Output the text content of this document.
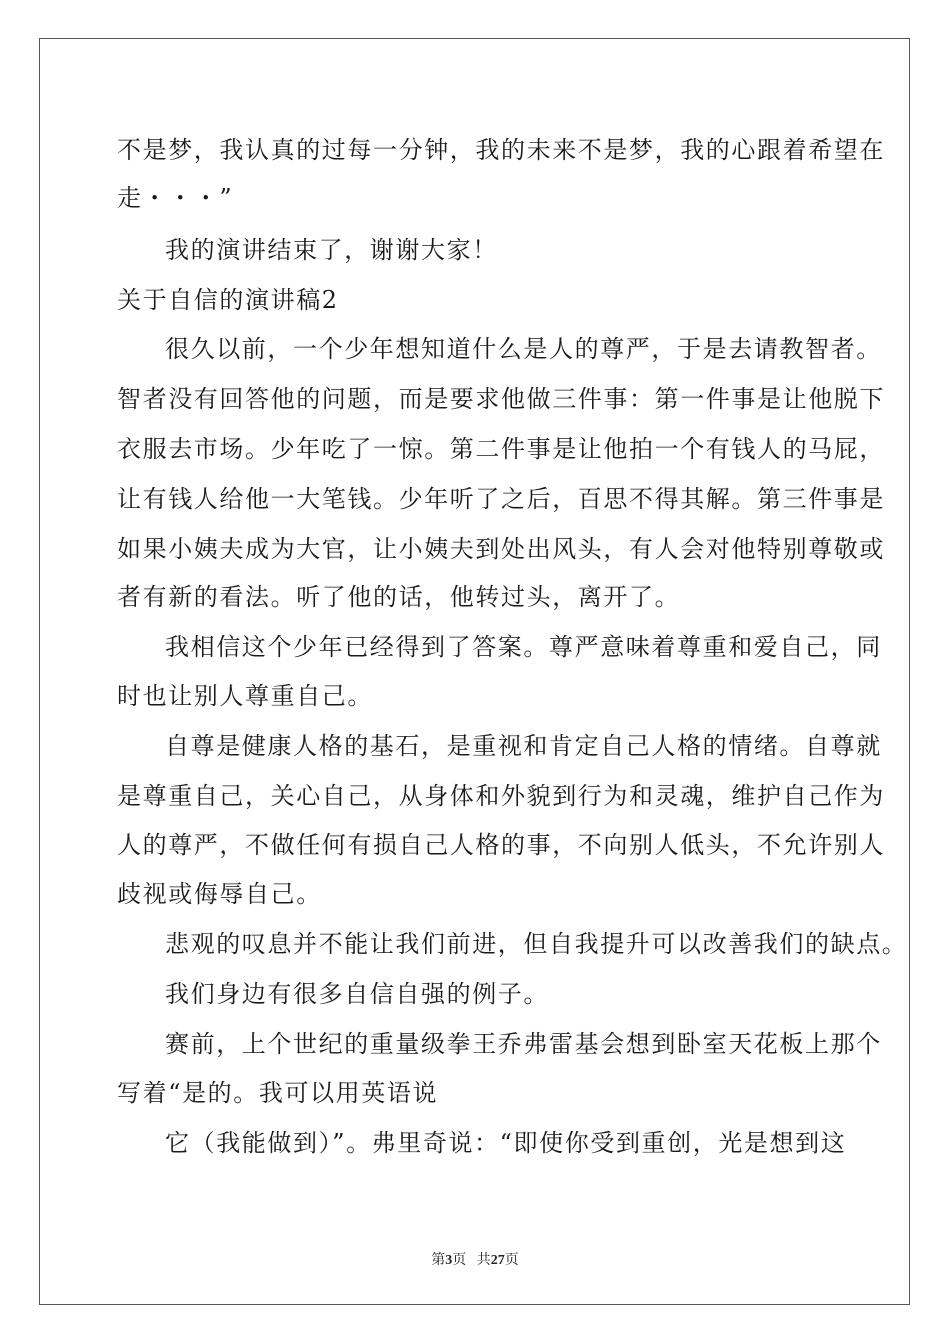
不是梦，我认真的过每一分钟，我的未来不是梦，我的心跟着希望在
走・・・”
我的演讲结束了，谢谢大家！
关于自信的演讲稿2
很久以前，一个少年想知道什么是人的尊严，于是去请教智者。
智者没有回答他的问题，而是要求他做三件事：第一件事是让他脱下
衣服去市场。少年吃了一惊。第二件事是让他拍一个有钱人的马屁，
让有钱人给他一大笔钱。少年听了之后，百思不得其解。第三件事是
如果小姨夫成为大官，让小姨夫到处出风头，有人会对他特别尊敬或
者有新的看法。听了他的话，他转过头，离开了。
我相信这个少年已经得到了答案。尊严意味着尊重和爱自己，同
时也让别人尊重自己。
自尊是健康人格的基石，是重视和肯定自己人格的情绪。自尊就
是尊重自己，关心自己，从身体和外貌到行为和灵魂，维护自己作为
人的尊严，不做任何有损自己人格的事，不向别人低头，不允许别人
歧视或侮辱自己。
悲观的叹息并不能让我们前进，但自我提升可以改善我们的缺点。
我们身边有很多自信自强的例子。
赛前，上个世纪的重量级拳王乔弗雷基会想到卧室天花板上那个
写着“是的。我可以用英语说
它（我能做到）”。弗里奇说：“即使你受到重创，光是想到这
第3页 共27页
